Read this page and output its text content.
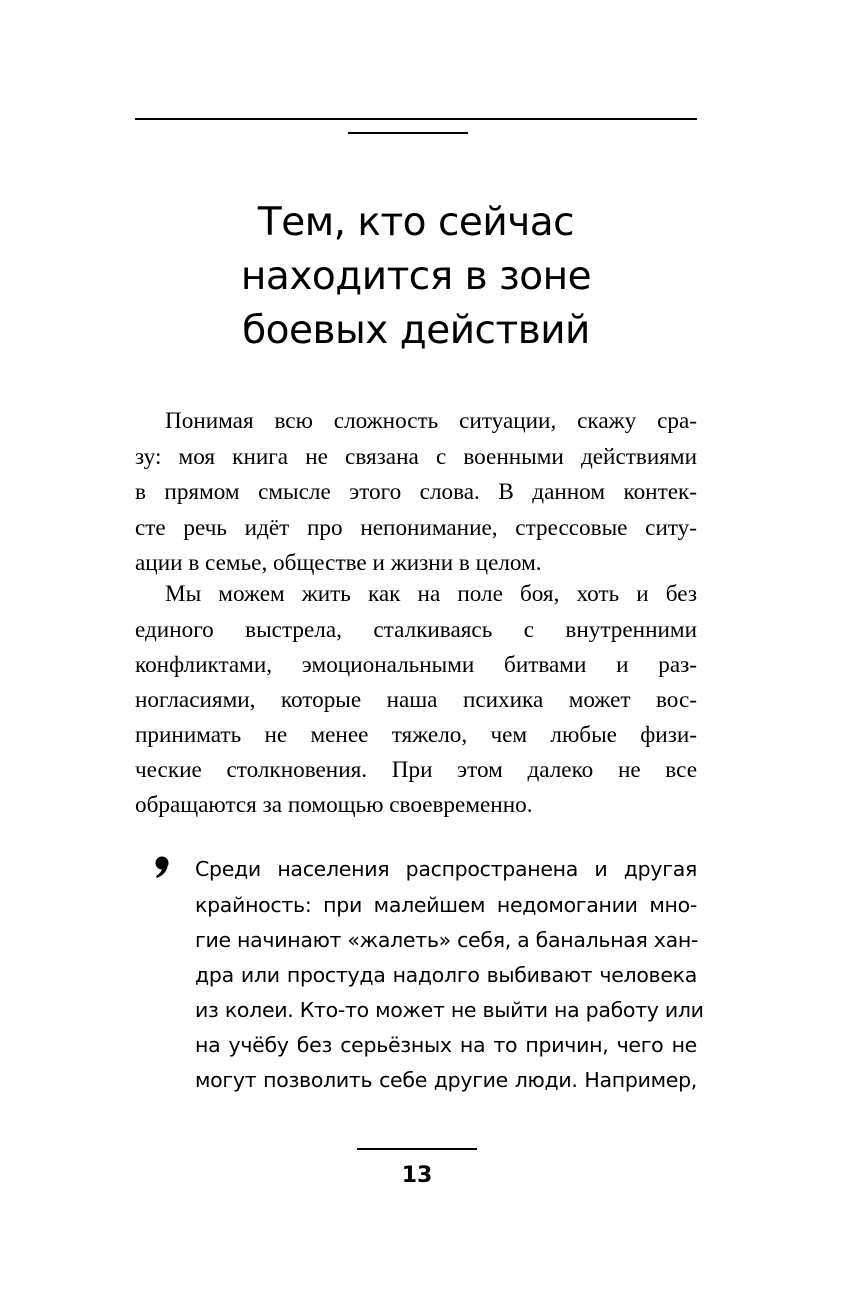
Тем, кто сейчас
находится в зоне
боевых действий
Понимая всю сложность ситуации, скажу сра-
зу: моя книга не связана с военными действиями
в прямом смысле этого слова. В данном контек-
сте речь идёт про непонимание, стрессовые ситу-
ации в семье, обществе и жизни в целом.
Мы можем жить как на поле боя, хоть и без
единого выстрела, сталкиваясь с внутренними
конфликтами, эмоциональными битвами и раз-
ногласиями, которые наша психика может вос-
принимать не менее тяжело, чем любые физи-
ческие столкновения. При этом далеко не все
обращаются за помощью своевременно.
Среди населения распространена и другая
крайность: при малейшем недомогании мно-
гие начинают «жалеть» себя, а банальная хан-
дра или простуда надолго выбивают человека
из колеи. Кто-то может не выйти на работу или
на учёбу без серьёзных на то причин, чего не
могут позволить себе другие люди. Например,
13
